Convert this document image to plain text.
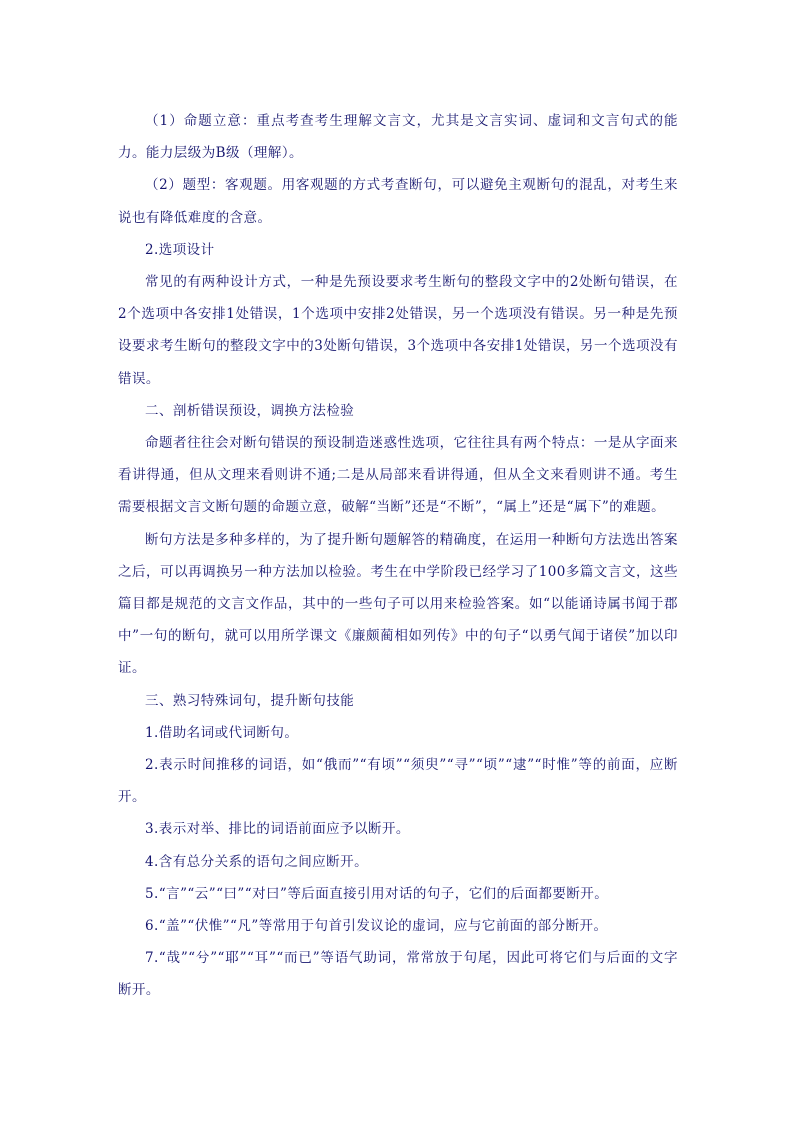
（1）命题立意：重点考查考生理解文言文，尤其是文言实词、虚词和文言句式的能力。能力层级为B级（理解）。

（2）题型：客观题。用客观题的方式考查断句，可以避免主观断句的混乱，对考生来说也有降低难度的含意。

2.选项设计

常见的有两种设计方式，一种是先预设要求考生断句的整段文字中的2处断句错误，在2个选项中各安排1处错误，1个选项中安排2处错误，另一个选项没有错误。另一种是先预设要求考生断句的整段文字中的3处断句错误，3个选项中各安排1处错误，另一个选项没有错误。

二、剖析错误预设，调换方法检验

命题者往往会对断句错误的预设制造迷惑性选项，它往往具有两个特点：一是从字面来看讲得通，但从文理来看则讲不通;二是从局部来看讲得通，但从全文来看则讲不通。考生需要根据文言文断句题的命题立意，破解“当断”还是“不断”，“属上”还是“属下”的难题。

断句方法是多种多样的，为了提升断句题解答的精确度，在运用一种断句方法选出答案之后，可以再调换另一种方法加以检验。考生在中学阶段已经学习了100多篇文言文，这些篇目都是规范的文言文作品，其中的一些句子可以用来检验答案。如“以能诵诗属书闻于郡中”一句的断句，就可以用所学课文《廉颇蔺相如列传》中的句子“以勇气闻于诸侯”加以印证。

三、熟习特殊词句，提升断句技能

1.借助名词或代词断句。

2.表示时间推移的词语，如“俄而”“有顷”“须臾”“寻”“顷”“逮”“时惟”等的前面，应断开。

3.表示对举、排比的词语前面应予以断开。

4.含有总分关系的语句之间应断开。

5.“言”“云”“曰”“对曰”等后面直接引用对话的句子，它们的后面都要断开。

6.“盖”“伏惟”“凡”等常用于句首引发议论的虚词，应与它前面的部分断开。

7.“哉”“兮”“耶”“耳”“而已”等语气助词，常常放于句尾，因此可将它们与后面的文字断开。
